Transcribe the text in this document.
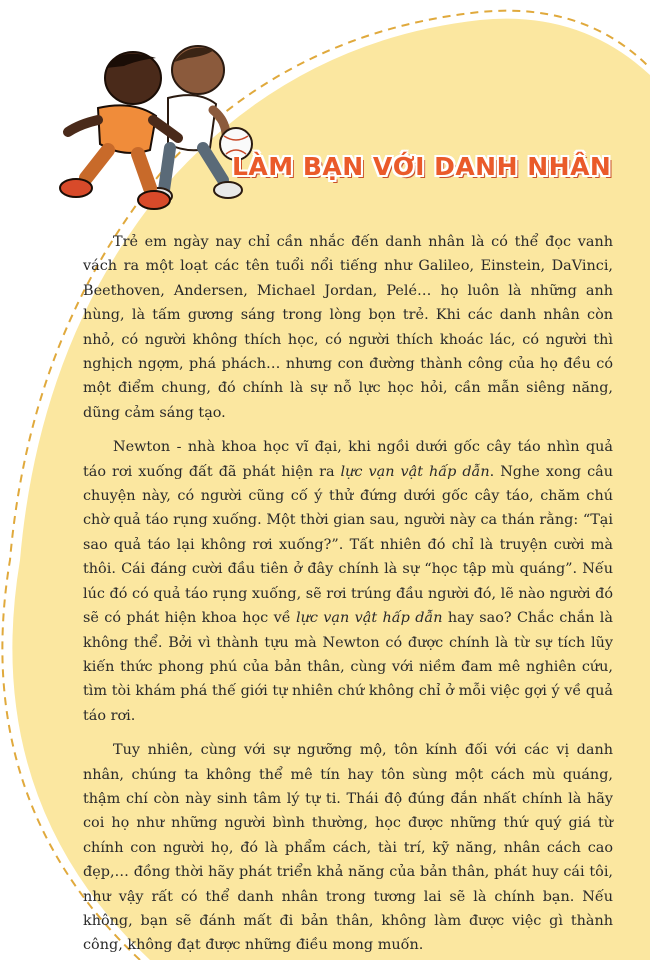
LÀM BẠN VỚI DANH NHÂN

Trẻ em ngày nay chỉ cần nhắc đến danh nhân là có thể đọc vanh vách ra một loạt các tên tuổi nổi tiếng như Galileo, Einstein, DaVinci, Beethoven, Andersen, Michael Jordan, Pelé… họ luôn là những anh hùng, là tấm gương sáng trong lòng bọn trẻ. Khi các danh nhân còn nhỏ, có người không thích học, có người thích khoác lác, có người thì nghịch ngợm, phá phách… nhưng con đường thành công của họ đều có một điểm chung, đó chính là sự nỗ lực học hỏi, cần mẫn siêng năng, dũng cảm sáng tạo.

Newton - nhà khoa học vĩ đại, khi ngồi dưới gốc cây táo nhìn quả táo rơi xuống đất đã phát hiện ra lực vạn vật hấp dẫn. Nghe xong câu chuyện này, có người cũng cố ý thử đứng dưới gốc cây táo, chăm chú chờ quả táo rụng xuống. Một thời gian sau, người này ca thán rằng: “Tại sao quả táo lại không rơi xuống?”. Tất nhiên đó chỉ là truyện cười mà thôi. Cái đáng cười đầu tiên ở đây chính là sự “học tập mù quáng”. Nếu lúc đó có quả táo rụng xuống, sẽ rơi trúng đầu người đó, lẽ nào người đó sẽ có phát hiện khoa học về lực vạn vật hấp dẫn hay sao? Chắc chắn là không thể. Bởi vì thành tựu mà Newton có được chính là từ sự tích lũy kiến thức phong phú của bản thân, cùng với niềm đam mê nghiên cứu, tìm tòi khám phá thế giới tự nhiên chứ không chỉ ở mỗi việc gợi ý về quả táo rơi.

Tuy nhiên, cùng với sự ngưỡng mộ, tôn kính đối với các vị danh nhân, chúng ta không thể mê tín hay tôn sùng một cách mù quáng, thậm chí còn này sinh tâm lý tự ti. Thái độ đúng đắn nhất chính là hãy coi họ như những người bình thường, học được những thứ quý giá từ chính con người họ, đó là phẩm cách, tài trí, kỹ năng, nhân cách cao đẹp,… đồng thời hãy phát triển khả năng của bản thân, phát huy cái tôi, như vậy rất có thể danh nhân trong tương lai sẽ là chính bạn. Nếu không, bạn sẽ đánh mất đi bản thân, không làm được việc gì thành công, không đạt được những điều mong muốn.
